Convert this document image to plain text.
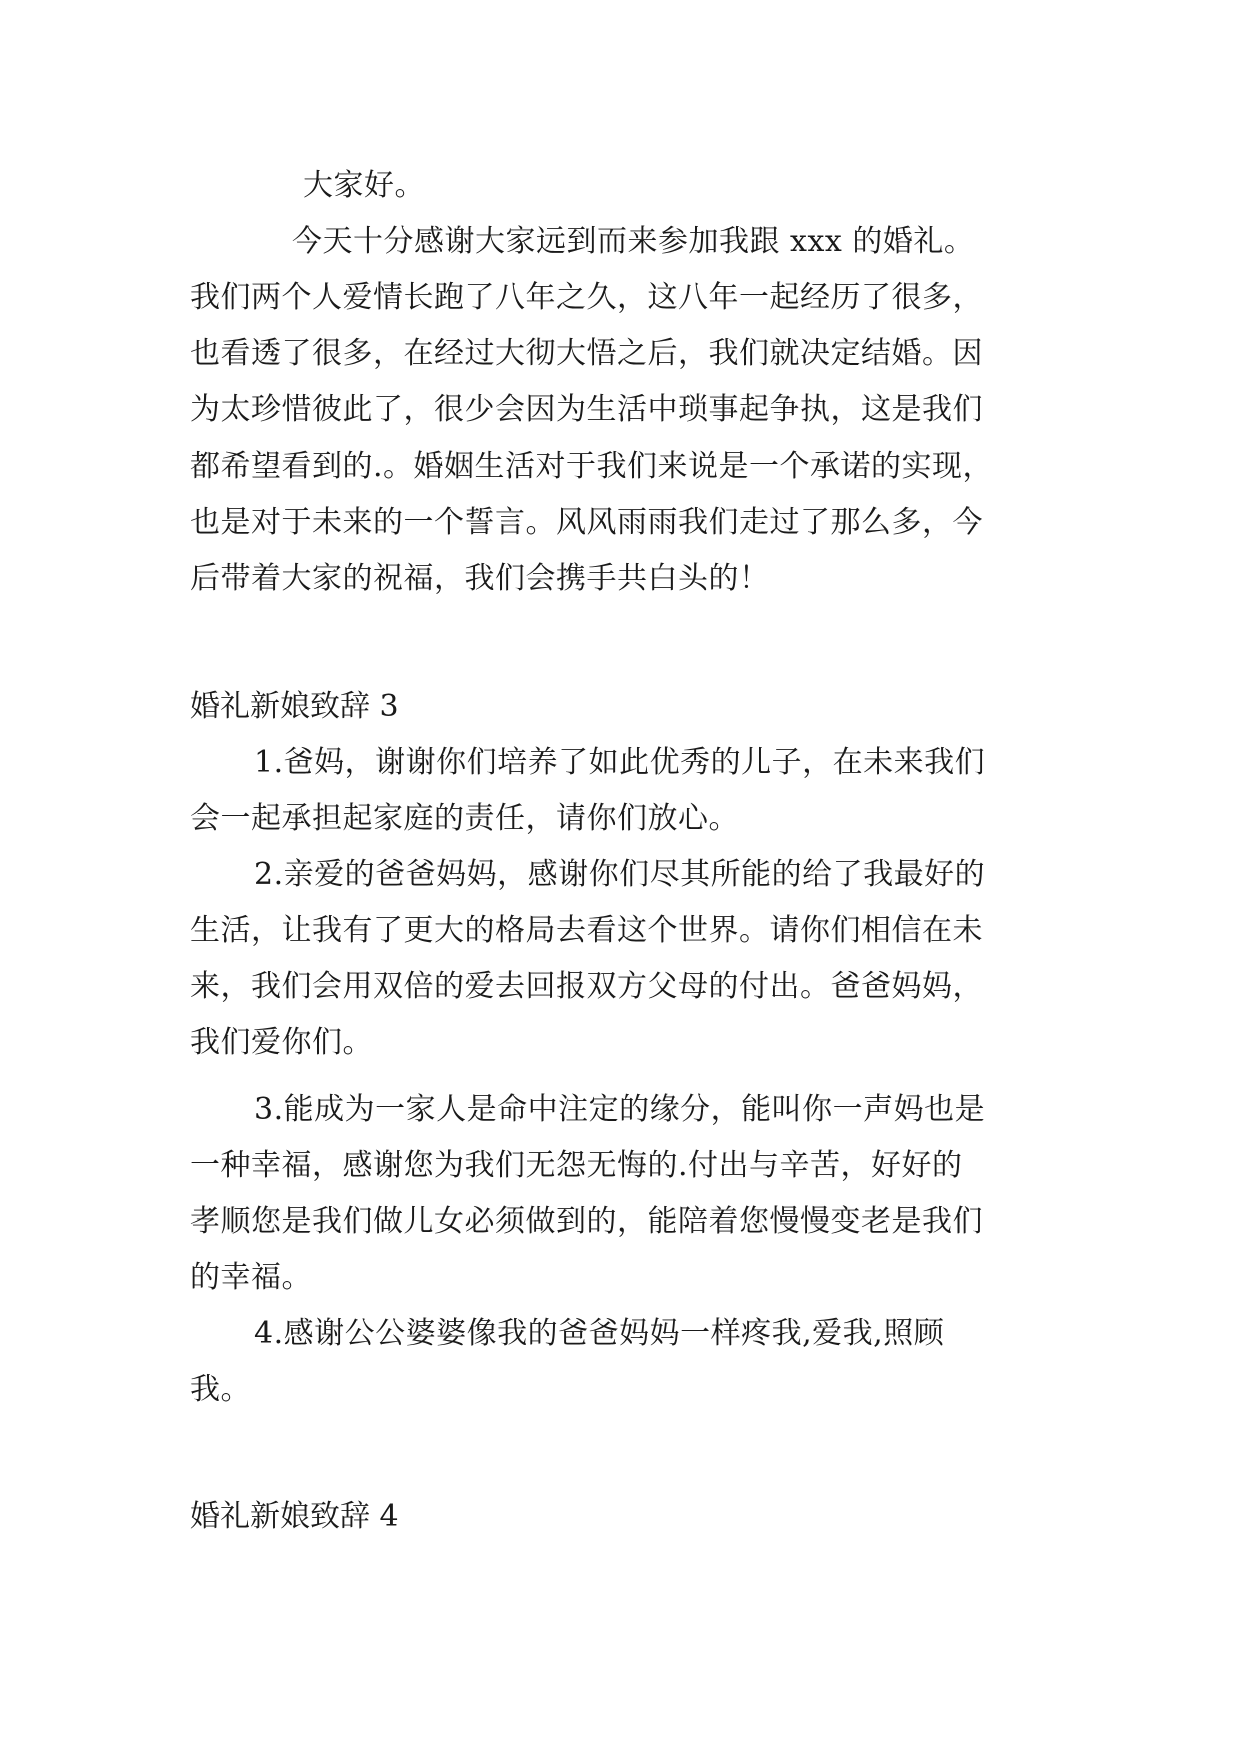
大家好。
今天十分感谢大家远到而来参加我跟 xxx 的婚礼。
我们两个人爱情长跑了八年之久，这八年一起经历了很多，
也看透了很多，在经过大彻大悟之后，我们就决定结婚。因
为太珍惜彼此了，很少会因为生活中琐事起争执，这是我们
都希望看到的.。婚姻生活对于我们来说是一个承诺的实现，
也是对于未来的一个誓言。风风雨雨我们走过了那么多，今
后带着大家的祝福，我们会携手共白头的！
婚礼新娘致辞 3
1.爸妈，谢谢你们培养了如此优秀的儿子，在未来我们
会一起承担起家庭的责任，请你们放心。
2.亲爱的爸爸妈妈，感谢你们尽其所能的给了我最好的
生活，让我有了更大的格局去看这个世界。请你们相信在未
来，我们会用双倍的爱去回报双方父母的付出。爸爸妈妈，
我们爱你们。
3.能成为一家人是命中注定的缘分，能叫你一声妈也是
一种幸福，感谢您为我们无怨无悔的.付出与辛苦，好好的
孝顺您是我们做儿女必须做到的，能陪着您慢慢变老是我们
的幸福。
4.感谢公公婆婆像我的爸爸妈妈一样疼我,爱我,照顾
我。
婚礼新娘致辞 4
